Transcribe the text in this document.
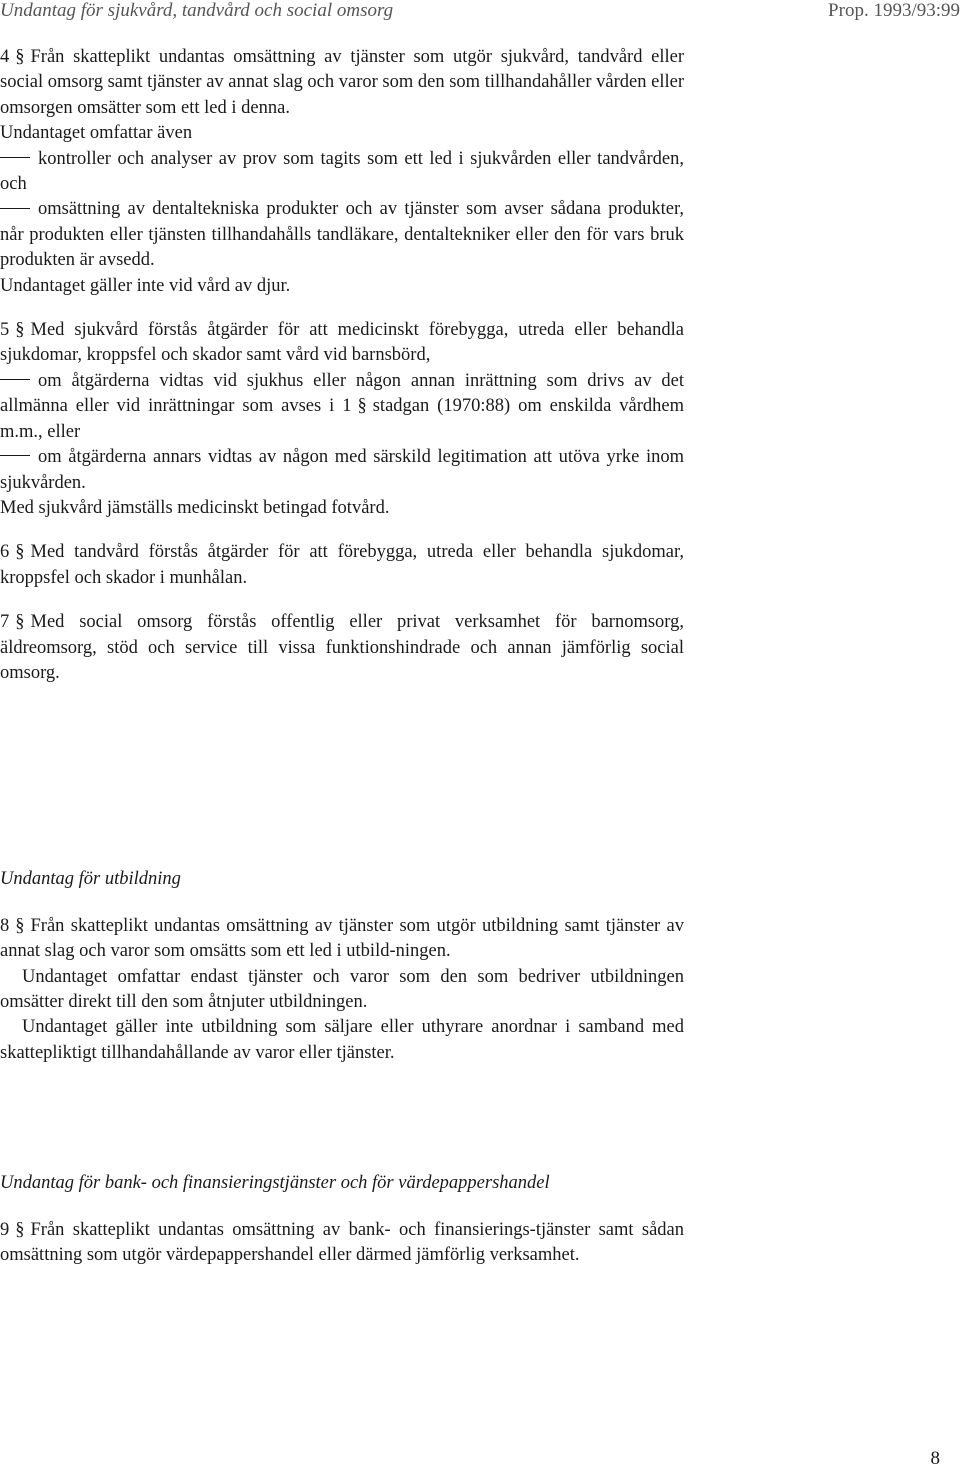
Undantag för sjukvård, tandvård och social omsorg	Prop. 1993/93:99

4 § Från skatteplikt undantas omsättning av tjänster som utgör sjukvård, tandvård eller social omsorg samt tjänster av annat slag och varor som den som tillhandahåller vården eller omsorgen omsätter som ett led i denna.

Undantaget omfattar även

kontroller och analyser av prov som tagits som ett led i sjukvården eller tandvården, och

omsättning av dentaltekniska produkter och av tjänster som avser sådana produkter, når produkten eller tjänsten tillhandahålls tandläkare, dentaltekniker eller den för vars bruk produkten är avsedd.

Undantaget gäller inte vid vård av djur.

5 § Med sjukvård förstås åtgärder för att medicinskt förebygga, utreda eller behandla sjukdomar, kroppsfel och skador samt vård vid barnsbörd,

om åtgärderna vidtas vid sjukhus eller någon annan inrättning som drivs av det allmänna eller vid inrättningar som avses i 1 § stadgan (1970:88) om enskilda vårdhem m.m., eller

om åtgärderna annars vidtas av någon med särskild legitimation att utöva yrke inom sjukvården.

Med sjukvård jämställs medicinskt betingad fotvård.

6 § Med tandvård förstås åtgärder för att förebygga, utreda eller behandla sjukdomar, kroppsfel och skador i munhålan.

7 § Med social omsorg förstås offentlig eller privat verksamhet för barnomsorg, äldreomsorg, stöd och service till vissa funktionshindrade och annan jämförlig social omsorg.

Undantag för utbildning

8 § Från skatteplikt undantas omsättning av tjänster som utgör utbildning samt tjänster av annat slag och varor som omsätts som ett led i utbild-ningen.

Undantaget omfattar endast tjänster och varor som den som bedriver utbildningen omsätter direkt till den som åtnjuter utbildningen.

Undantaget gäller inte utbildning som säljare eller uthyrare anordnar i samband med skattepliktigt tillhandahållande av varor eller tjänster.

Undantag för bank- och finansieringstjänster och för värdepappershandel

9 § Från skatteplikt undantas omsättning av bank- och finansierings-tjänster samt sådan omsättning som utgör värdepappershandel eller därmed jämförlig verksamhet.

8
